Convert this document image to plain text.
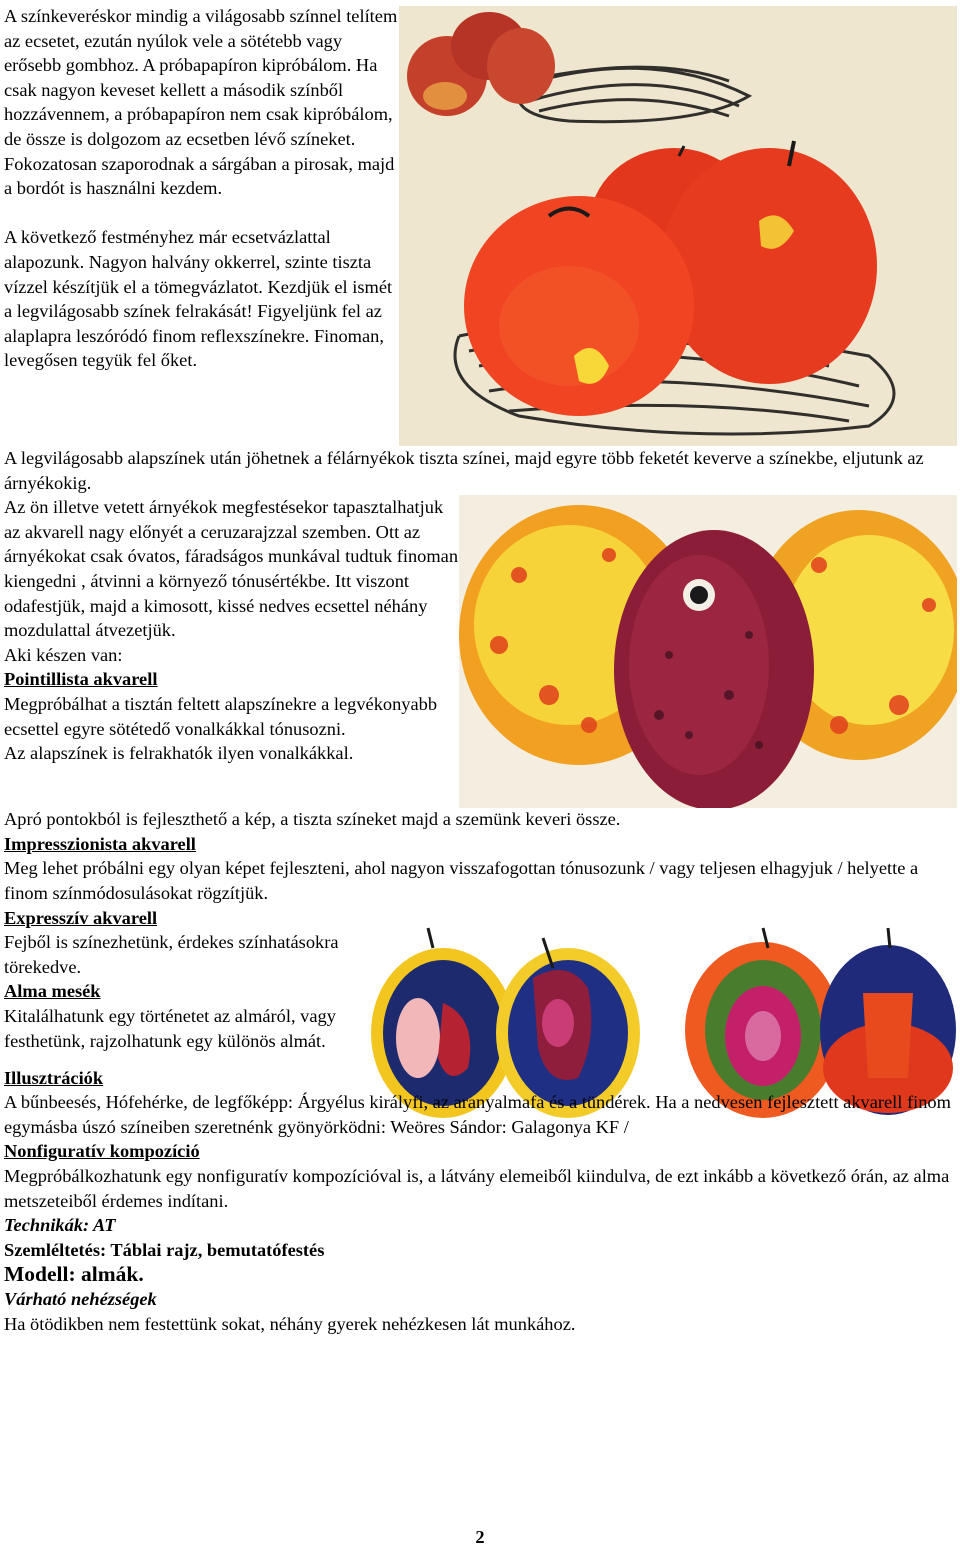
A színkeveréskor mindig a világosabb színnel telítem az ecsetet, ezután nyúlok vele a sötétebb vagy erősebb gombhoz. A próbapapíron kipróbálom. Ha csak nagyon keveset kellett a második színből hozzávennem, a próbapapíron nem csak kipróbálom, de össze is dolgozom az ecsetben lévő színeket. Fokozatosan szaporodnak a sárgában a pirosak, majd a bordót is használni kezdem.

A következő festményhez már ecsetvázlattal alapozunk. Nagyon halvány okkerrel, szinte tiszta vízzel készítjük el a tömegvázlatot. Kezdjük el ismét a legvilágosabb színek felrakását! Figyeljünk fel az alaplapra leszóródó finom reflexszínekre. Finoman, levegősen tegyük fel őket.

A legvilágosabb alapszínek után jöhetnek a félárnyékok tiszta színei, majd egyre több feketét keverve a színekbe, eljutunk az árnyékokig.

Az ön illetve vetett árnyékok megfestésekor tapasztalhatjuk az akvarell nagy előnyét a ceruzarajzzal szemben. Ott az árnyékokat csak óvatos, fáradságos munkával tudtuk finoman kiengedni , átvinni a környező tónusértékbe. Itt viszont odafestjük, majd a kimosott, kissé nedves ecsettel néhány mozdulattal átvezetjük.

Aki készen van:

Pointillista akvarell

Megpróbálhat a tisztán feltett alapszínekre a legvékonyabb ecsettel egyre sötétedő vonalkákkal tónusozni.

Az alapszínek is felrakhatók ilyen vonalkákkal.

Apró pontokból is fejleszthető a kép, a tiszta színeket majd a szemünk keveri össze.

Impresszionista akvarell

Meg lehet próbálni egy olyan képet fejleszteni, ahol nagyon visszafogottan tónusozunk / vagy teljesen elhagyjuk / helyette a finom színmódosulásokat rögzítjük.

Expresszív akvarell

Fejből is színezhetünk, érdekes színhatásokra törekedve.

Alma mesék

Kitalálhatunk egy történetet az almáról, vagy festhetünk, rajzolhatunk egy különös almát.

Illusztrációk

A bűnbeesés, Hófehérke, de legfőképp: Árgyélus királyfi, az aranyalmafa és a tündérek. Ha a nedvesen fejlesztett akvarell finom egymásba úszó színeiben szeretnénk gyönyörködni: Weöres Sándor: Galagonya KF /

Nonfiguratív kompozíció

Megpróbálkozhatunk egy nonfiguratív kompozícióval is, a látvány elemeiből kiindulva, de ezt inkább a következő órán, az alma metszeteiből érdemes indítani.

Technikák: AT

Szemléltetés: Táblai rajz, bemutatófestés

Modell: almák.

Várható nehézségek

Ha ötödikben nem festettünk sokat, néhány gyerek nehézkesen lát munkához.

2
